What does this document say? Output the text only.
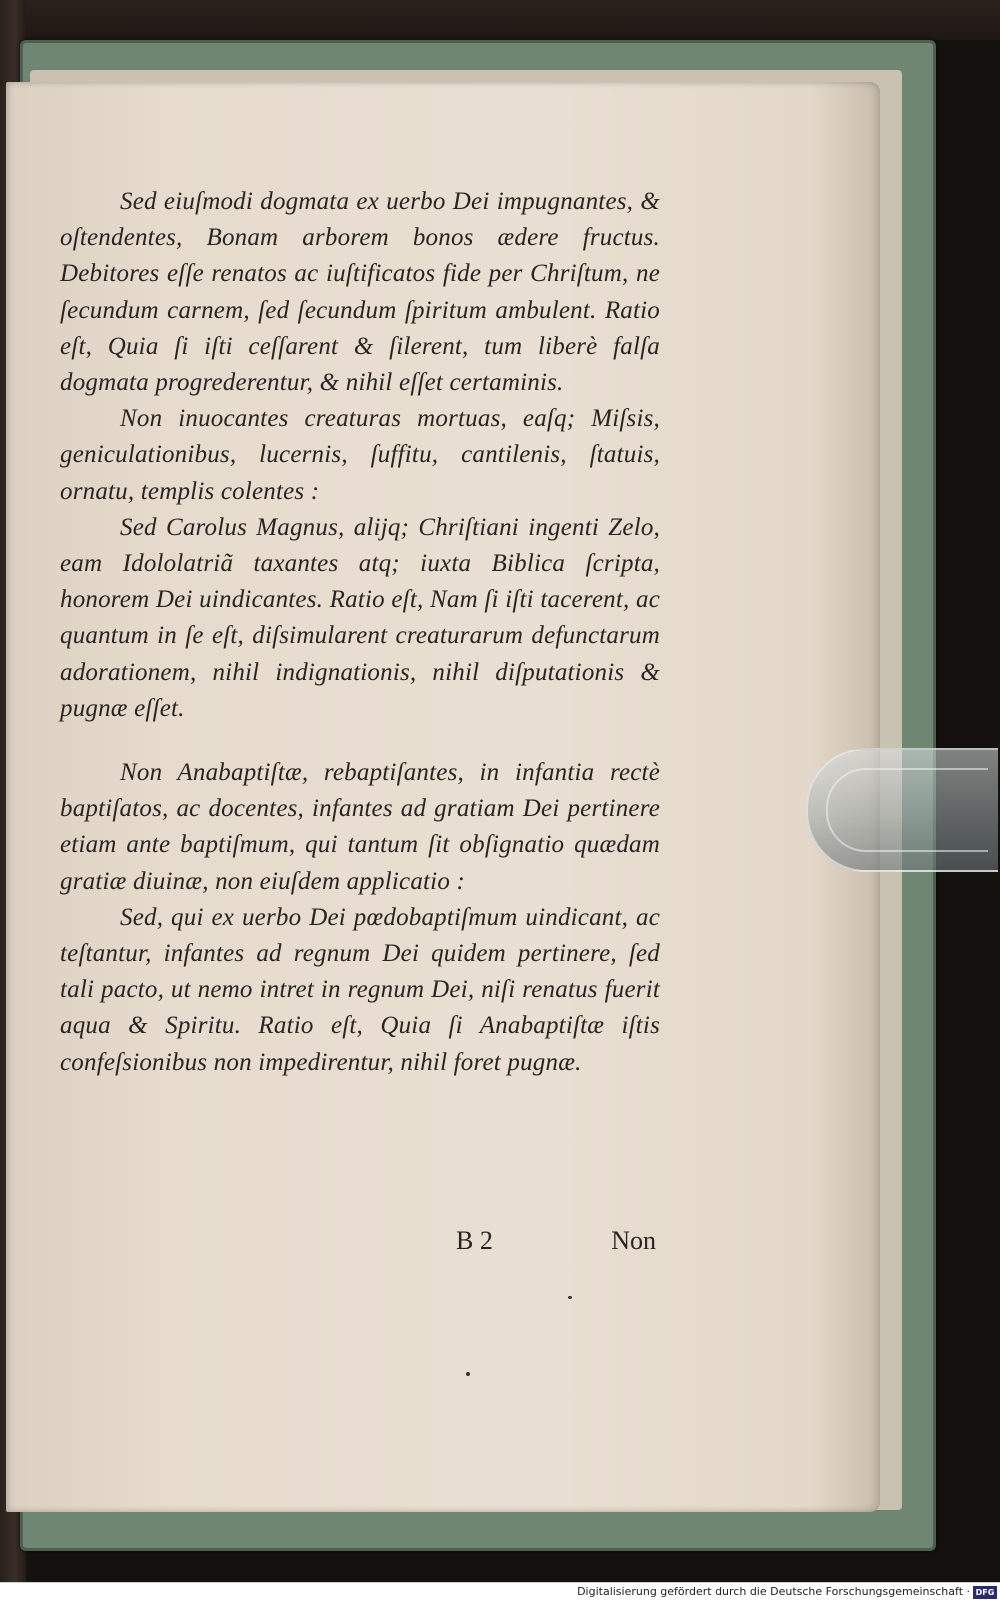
Sed eiuſmodi dogmata ex uerbo Dei impugnantes, & oſtendentes, Bonam arborem bonos ædere fructus. Debitores eſſe renatos ac iuſtificatos fide per Chriſtum, ne ſecundum carnem, ſed ſecundum ſpiritum ambulent. Ratio eſt, Quia ſi iſti ceſſarent & ſilerent, tum liberè falſa dogmata progrederentur, & nihil eſſet certaminis.

Non inuocantes creaturas mortuas, eaſq; Miſsis, geniculationibus, lucernis, ſuffitu, cantilenis, ſtatuis, ornatu, templis colentes :

Sed Carolus Magnus, alijq; Chriſtiani ingenti Zelo, eam Idololatriã taxantes atq; iuxta Biblica ſcripta, honorem Dei uindicantes. Ratio eſt, Nam ſi iſti tacerent, ac quantum in ſe eſt, diſsimularent creaturarum defunctarum adorationem, nihil indignationis, nihil diſputationis & pugnæ eſſet.

Non Anabaptiſtæ, rebaptiſantes, in infantia rectè baptiſatos, ac docentes, infantes ad gratiam Dei pertinere etiam ante baptiſmum, qui tantum ſit obſignatio quædam gratiæ diuinæ, non eiuſdem applicatio :

Sed, qui ex uerbo Dei pœdobaptiſmum uindicant, ac teſtantur, infantes ad regnum Dei quidem pertinere, ſed tali pacto, ut nemo intret in regnum Dei, niſi renatus fuerit aqua & Spiritu. Ratio eſt, Quia ſi Anabaptiſtæ iſtis confeſsionibus non impedirentur, nihil foret pugnæ.

B 2	Non
Digitalisierung gefördert durch die Deutsche Forschungsgemeinschaft · DFG
